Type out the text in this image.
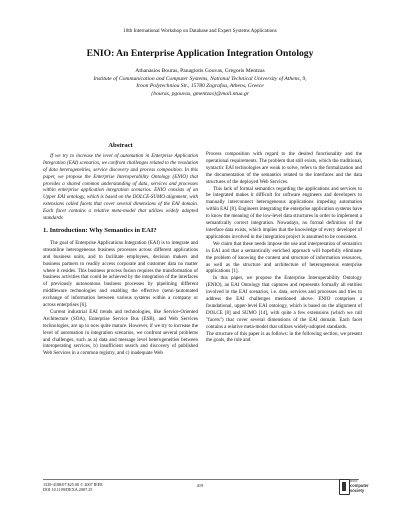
18th International Workshop on Database and Expert Systems Applications
ENIO: An Enterprise Application Integration Ontology
Athanasios Bouras, Panagiotis Gouvas, Gregoris Mentzas
Institute of Communication and Computer Systems, National Technical University of Athens, 9,
Iroon Polytechniou Str., 15780 Zografou, Athens, Greece
{bouras, pgouvas, gmentzas}@mail.ntua.gr
Abstract

If we try to increase the level of automation in Enterprise Application Integration (EAI) scenarios, we confront challenges related to the resolution of data heterogeneities, service discovery and process composition. In this paper, we propose the Enterprise Interoperability Ontology (ENIO) that provides a shared common understanding of data, services and processes within enterprise application integration scenarios. ENIO consists of an Upper EAI ontology, which is based on the DOLCE-SUMO alignment, with extensions called facets that cover several dimensions of the EAI domain. Each facet contains a relative meta-model that utilizes widely adopted standards

1. Introduction: Why Semantics in EAI?

The goal of Enterprise Applications Integration (EAI) is to integrate and streamline heterogeneous business processes across different applications and business units, and to facilitate employees, decision makers and business partners to readily access corporate and customer data no matter where it resides. This business process fusion requires the transformation of business activities that could be achieved by the integration of the interfaces of previously autonomous business processes by pipelining different middleware technologies and enabling the effective (semi-)automated exchange of information between various systems within a company or across enterprises [6].

Current industrial EAI trends and technologies, like Service-Oriented Architecture (SOA), Enterprise Service Bus (ESB), and Web Services technologies, are up to now quite mature. However, if we try to increase the level of automation in integration scenarios, we confront several problems and challenges, such as a) data and message level heterogeneities between interoperating services, b) insufficient search and discovery of published Web Services in a common registry, and c) inadequate Web

Process composition with regard to the desired functionality and the operational requirements. The problem that still exists, which the traditional, syntactic EAI technologies are weak to solve, refers to the formalization and the documentation of the semantics related to the interfaces and the data structures of the deployed Web Services.

This lack of formal semantics regarding the applications and services to be integrated makes it difficult for software engineers and developers to manually interconnect heterogeneous applications impeding automation within EAI [8]. Engineers integrating the enterprise application systems have to know the meaning of the low-level data structures in order to implement a semantically correct integration. Nowadays, no formal definition of the interface data exists, which implies that the knowledge of every developer of applications involved in the integration project is assumed to be consistent.

We claim that these needs impose the use and interpretation of semantics in EAI and that a semantically enriched approach will hopefully eliminate the problem of knowing the content and structure of information resources, as well as the structure and architecture of heterogeneous enterprise applications [1].

In this paper, we propose the Enterprise Interoperability Ontology (ENIO), an EAI Ontology that captures and represents formally all entities involved in the EAI scenarios, i.e. data, services and processes and tries to address the EAI challenges mentioned above. ENIO comprises a foundational, upper-level EAI ontology, which is based on the alignment of DOLCE [8] and SUMO [14], with quite a few extensions (which we call "facets") that cover several dimensions of the EAI domain. Each facet contains a relative meta-model that utilizes widely-adopted standards.

The structure of this paper is as follows: in the following section, we present the goals, the role and

1529-4188/07 $25.00 © 2007 IEEE
DOI 10.1109/DEXA.2007.25
419
IEEE
computer
society
